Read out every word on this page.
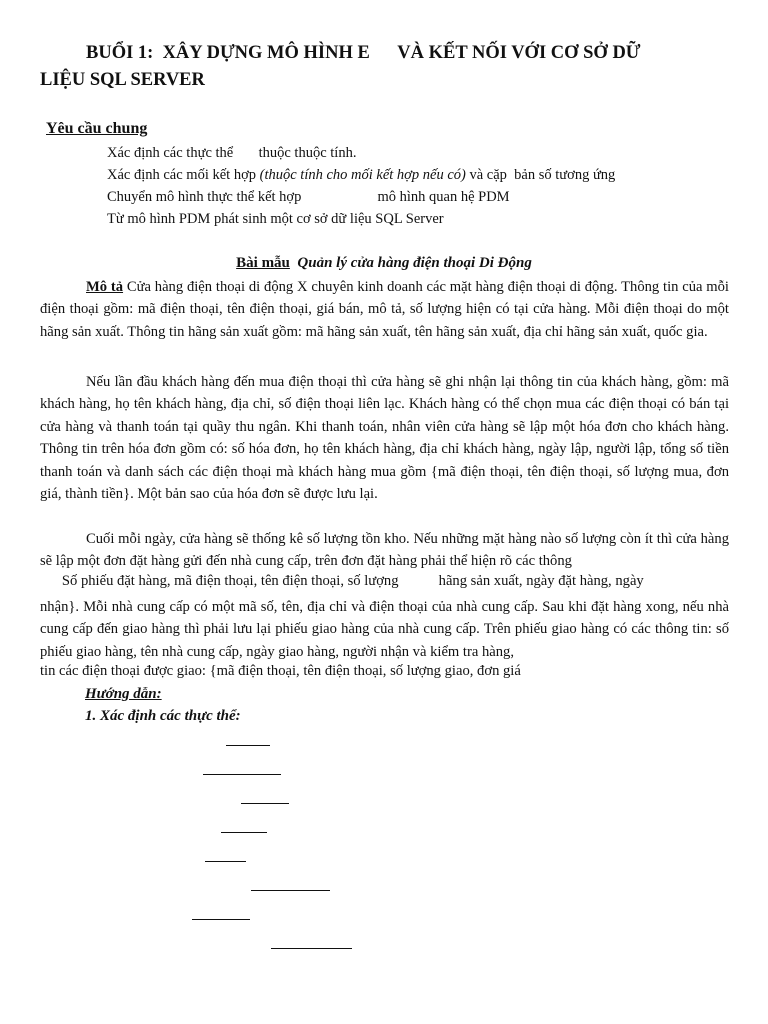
BUỔI 1:  XÂY DỰNG MÔ HÌNH E      VÀ KẾT NỐI VỚI CƠ SỞ DỮ
LIỆU SQL SERVER
Yêu cầu chung
Xác định các thực thể       thuộc thuộc tính.
Xác định các mối kết hợp (thuộc tính cho mối kết hợp nếu có) và cặp  bản số tương ứng
Chuyển mô hình thực thể kết hợp                     mô hình quan hệ PDM
Từ mô hình PDM phát sinh một cơ sở dữ liệu SQL Server
Bài mẫu Quản lý cửa hàng điện thoại Di Động
Mô tả Cửa hàng điện thoại di động X chuyên kinh doanh các mặt hàng điện thoại di động. Thông tin của mỗi điện thoại gồm: mã điện thoại, tên điện thoại, giá bán, mô tả, số lượng hiện có tại cửa hàng. Mỗi điện thoại do một hãng sản xuất. Thông tin hãng sản xuất gồm: mã hãng sản xuất, tên hãng sản xuất, địa chỉ hãng sản xuất, quốc gia.
Nếu lần đầu khách hàng đến mua điện thoại thì cửa hàng sẽ ghi nhận lại thông tin của khách hàng, gồm: mã khách hàng, họ tên khách hàng, địa chỉ, số điện thoại liên lạc. Khách hàng có thể chọn mua các điện thoại có bán tại cửa hàng và thanh toán tại quầy thu ngân. Khi thanh toán, nhân viên cửa hàng sẽ lập một hóa đơn cho khách hàng. Thông tin trên hóa đơn gồm có: số hóa đơn, họ tên khách hàng, địa chỉ khách hàng, ngày lập, người lập, tổng số tiền thanh toán và danh sách các điện thoại mà khách hàng mua gồm {mã điện thoại, tên điện thoại, số lượng mua, đơn giá, thành tiền}. Một bản sao của hóa đơn sẽ được lưu lại.
Cuối mỗi ngày, cửa hàng sẽ thống kê số lượng tồn kho. Nếu những mặt hàng nào số lượng còn ít thì cửa hàng sẽ lập một đơn đặt hàng gửi đến nhà cung cấp, trên đơn đặt hàng phải thể hiện rõ các thông
Số phiếu đặt hàng, mã điện thoại, tên điện thoại, số lượng           hãng sản xuất, ngày đặt hàng, ngày
nhận}. Mỗi nhà cung cấp có một mã số, tên, địa chỉ và điện thoại của nhà cung cấp. Sau khi đặt hàng xong, nếu nhà cung cấp đến giao hàng thì phải lưu lại phiếu giao hàng của nhà cung cấp. Trên phiếu giao hàng có các thông tin: số phiếu giao hàng, tên nhà cung cấp, ngày giao hàng, người nhận và kiểm tra hàng,
tin các điện thoại được giao: {mã điện thoại, tên điện thoại, số lượng giao, đơn giá
Hướng dẫn:
1. Xác định các thực thể:
